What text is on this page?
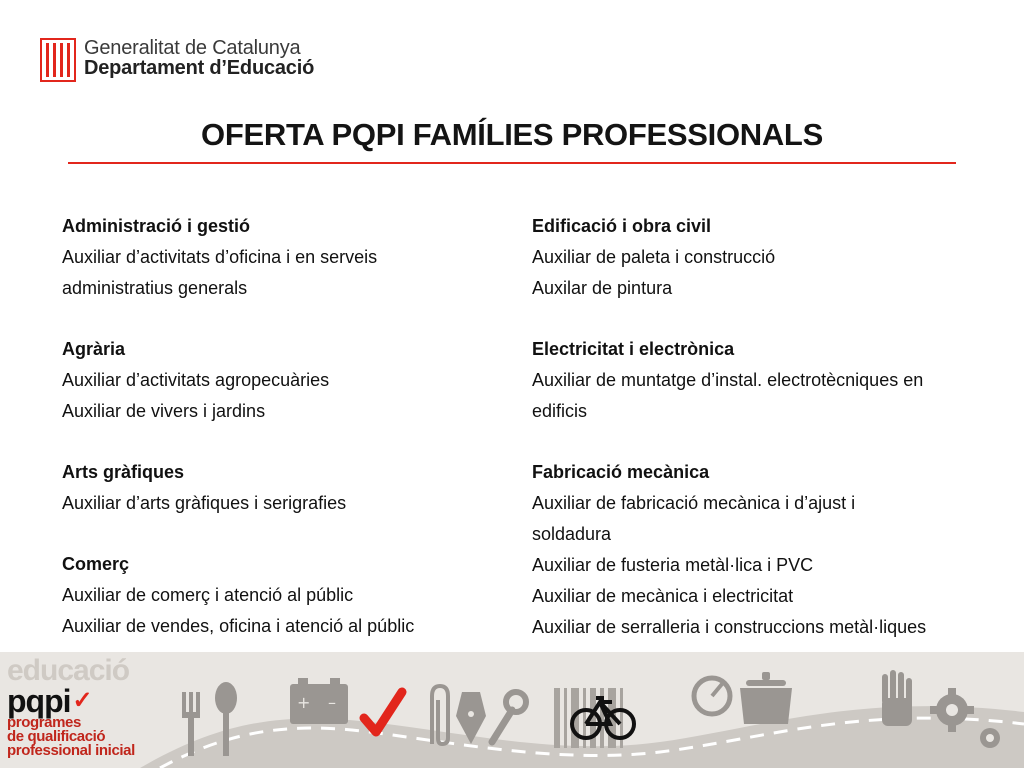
Generalitat de Catalunya
Departament d’Educació
OFERTA PQPI FAMÍLIES PROFESSIONALS
Administració i gestió
Auxiliar d’activitats d’oficina i en serveis
administratius generals
Agrària
Auxiliar d’activitats agropecuàries
Auxiliar de vivers i jardins
Arts gràfiques
Auxiliar d’arts gràfiques i serigrafies
Comerç
Auxiliar de comerç i atenció al públic
Auxiliar de vendes, oficina i atenció al públic
Edificació i obra civil
Auxiliar de paleta i construcció
Auxilar de pintura
Electricitat i electrònica
Auxiliar de muntatge d’instal. electrotècniques en
edificis
Fabricació mecànica
Auxiliar de fabricació mecànica i d’ajust i
soldadura
Auxiliar de fusteria metàl·lica i PVC
Auxiliar de mecànica i electricitat
Auxiliar de serralleria i construccions metàl·liques
educació
pqpi ✓
programes
de qualificació
professional inicial
+ –
